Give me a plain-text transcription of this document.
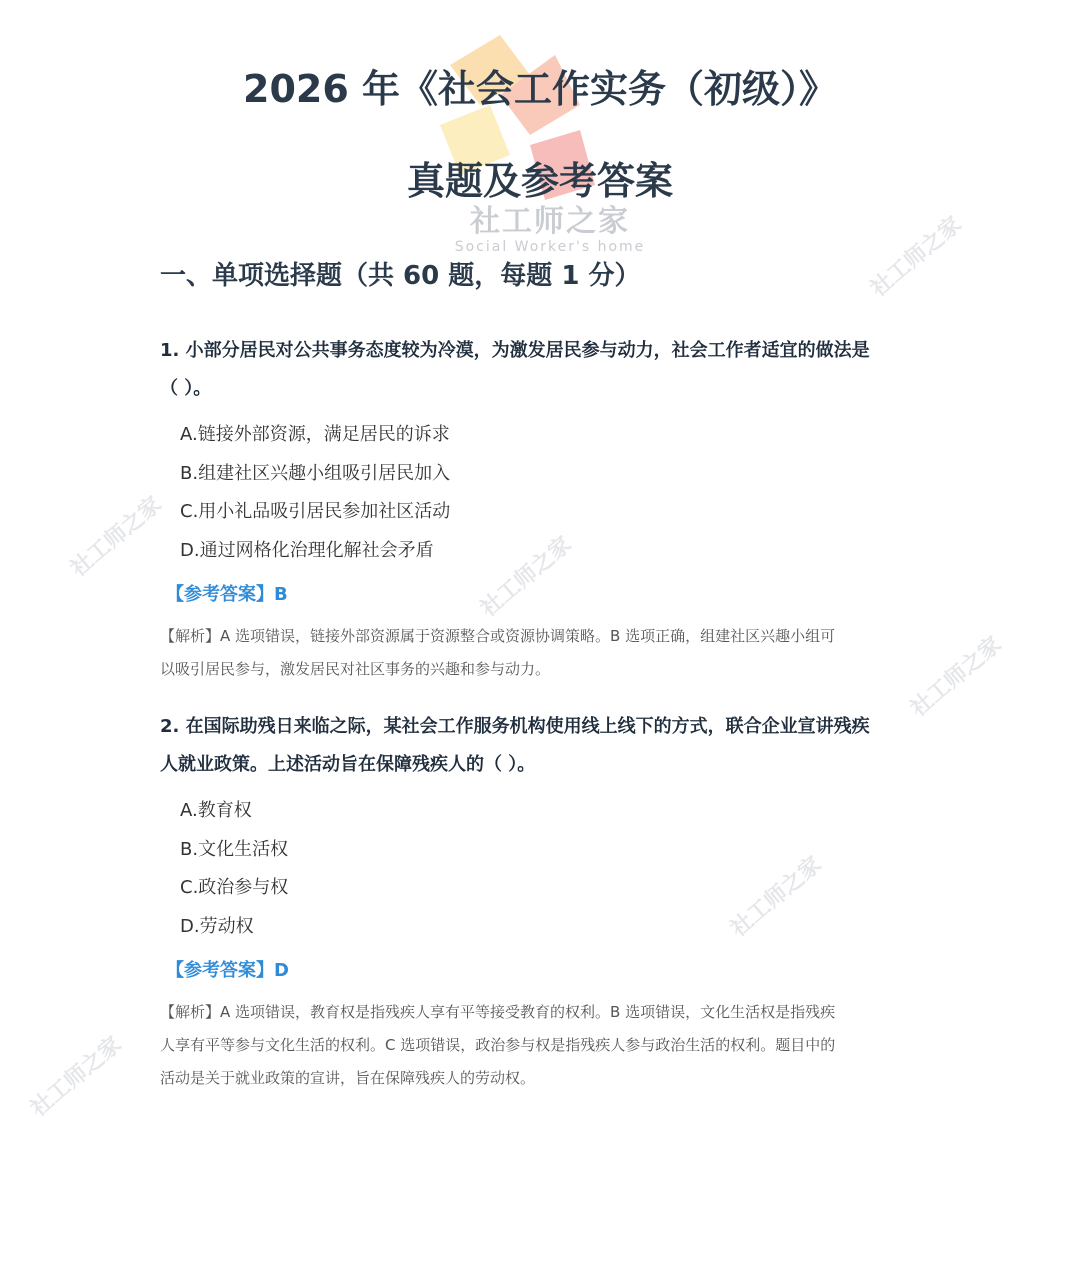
社工师之家	社工师之家
社工师之家
社工师之家
社工师之家
社工师之家
2026 年《社会工作实务（初级）》
真题及参考答案
社工师之家
Social Worker's home
一、单项选择题（共 60 题，每题 1 分）

1. 小部分居民对公共事务态度较为冷漠，为激发居民参与动力，社会工作者适宜的做法是
（ ）。

A.链接外部资源，满足居民的诉求
B.组建社区兴趣小组吸引居民加入
C.用小礼品吸引居民参加社区活动
D.通过网格化治理化解社会矛盾
【参考答案】B

【解析】A 选项错误，链接外部资源属于资源整合或资源协调策略。B 选项正确，组建社区兴趣小组可
以吸引居民参与，激发居民对社区事务的兴趣和参与动力。

2. 在国际助残日来临之际，某社会工作服务机构使用线上线下的方式，联合企业宣讲残疾
人就业政策。上述活动旨在保障残疾人的（ ）。

A.教育权
B.文化生活权
C.政治参与权
D.劳动权
【参考答案】D

【解析】A 选项错误，教育权是指残疾人享有平等接受教育的权利。B 选项错误，文化生活权是指残疾
人享有平等参与文化生活的权利。C 选项错误，政治参与权是指残疾人参与政治生活的权利。题目中的
活动是关于就业政策的宣讲，旨在保障残疾人的劳动权。
